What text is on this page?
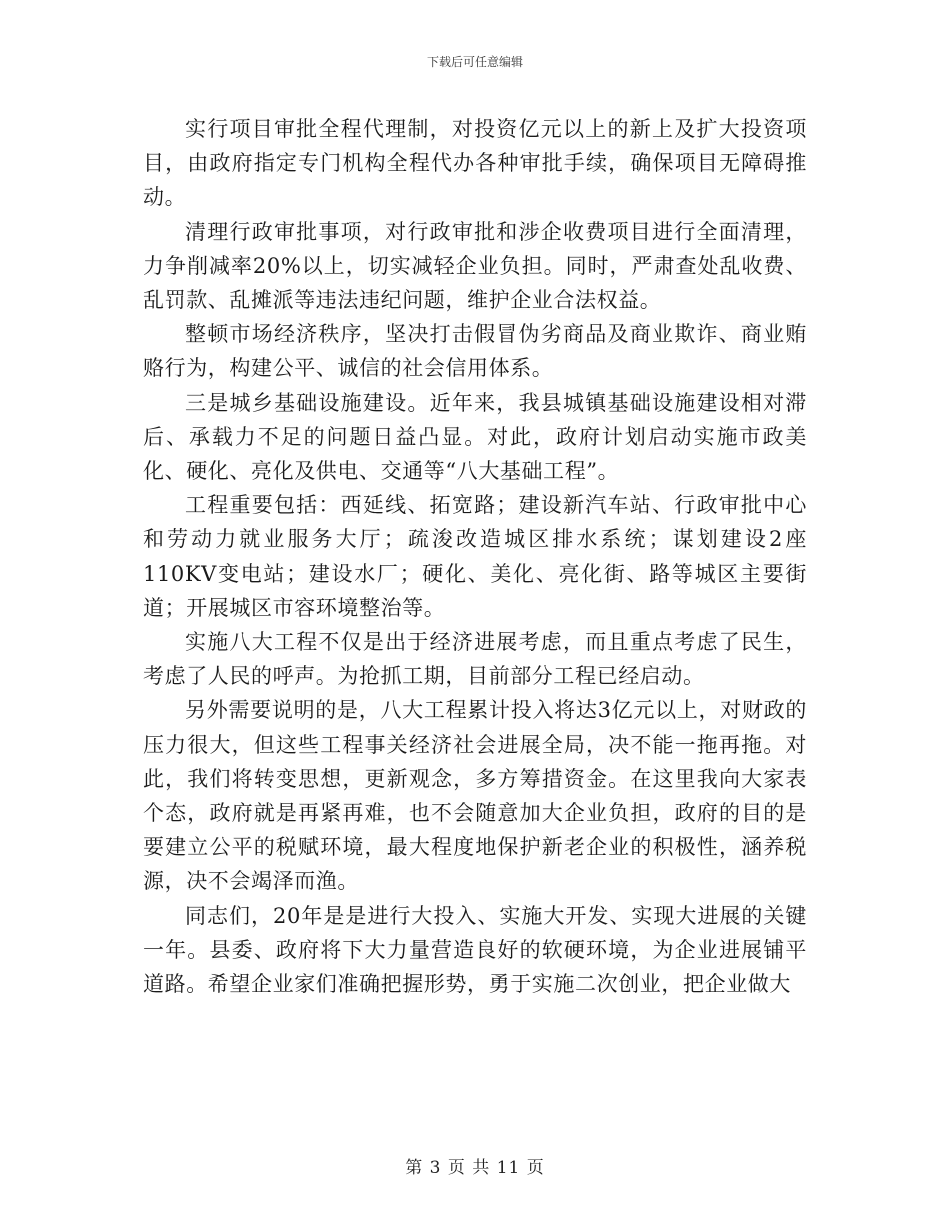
下载后可任意编辑

实行项目审批全程代理制，对投资亿元以上的新上及扩大投资项目，由政府指定专门机构全程代办各种审批手续，确保项目无障碍推动。

清理行政审批事项，对行政审批和涉企收费项目进行全面清理，力争削减率20%以上，切实减轻企业负担。同时，严肃查处乱收费、乱罚款、乱摊派等违法违纪问题，维护企业合法权益。

整顿市场经济秩序，坚决打击假冒伪劣商品及商业欺诈、商业贿赂行为，构建公平、诚信的社会信用体系。

三是城乡基础设施建设。近年来，我县城镇基础设施建设相对滞后、承载力不足的问题日益凸显。对此，政府计划启动实施市政美化、硬化、亮化及供电、交通等“八大基础工程”。

工程重要包括：西延线、拓宽路；建设新汽车站、行政审批中心和劳动力就业服务大厅；疏浚改造城区排水系统；谋划建设2座110KV变电站；建设水厂；硬化、美化、亮化街、路等城区主要街道；开展城区市容环境整治等。

实施八大工程不仅是出于经济进展考虑，而且重点考虑了民生，考虑了人民的呼声。为抢抓工期，目前部分工程已经启动。

另外需要说明的是，八大工程累计投入将达3亿元以上，对财政的压力很大，但这些工程事关经济社会进展全局，决不能一拖再拖。对此，我们将转变思想，更新观念，多方筹措资金。在这里我向大家表个态，政府就是再紧再难，也不会随意加大企业负担，政府的目的是要建立公平的税赋环境，最大程度地保护新老企业的积极性，涵养税源，决不会竭泽而渔。

同志们，20年是是进行大投入、实施大开发、实现大进展的关键一年。县委、政府将下大力量营造良好的软硬环境，为企业进展铺平道路。希望企业家们准确把握形势，勇于实施二次创业，把企业做大

第 3 页 共 11 页
